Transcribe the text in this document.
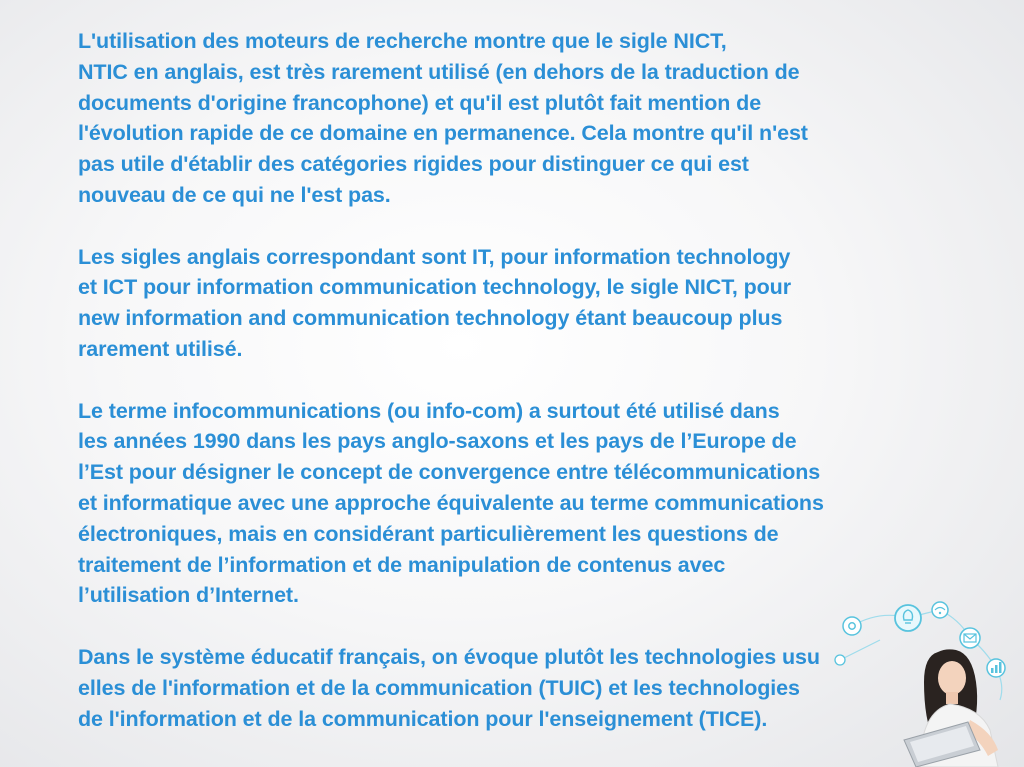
L'utilisation des moteurs de recherche montre que le sigle NICT,
NTIC en anglais, est très rarement utilisé (en dehors de la traduction de
documents d'origine francophone) et qu'il est plutôt fait mention de
l'évolution rapide de ce domaine en permanence. Cela montre qu'il n'est
pas utile d'établir des catégories rigides pour distinguer ce qui est
nouveau de ce qui ne l'est pas.

Les sigles anglais correspondant sont IT, pour information technology
et ICT pour information communication technology, le sigle NICT, pour
new information and communication technology étant beaucoup plus
rarement utilisé.

Le terme infocommunications (ou info-com) a surtout été utilisé dans
les années 1990 dans les pays anglo-saxons et les pays de l’Europe de
l’Est pour désigner le concept de convergence entre télécommunications
et informatique avec une approche équivalente au terme communications
électroniques, mais en considérant particulièrement les questions de
traitement de l’information et de manipulation de contenus avec
l’utilisation d’Internet.

Dans le système éducatif français, on évoque plutôt les technologies usu
elles de l'information et de la communication (TUIC) et les technologies
de l'information et de la communication pour l'enseignement (TICE).
